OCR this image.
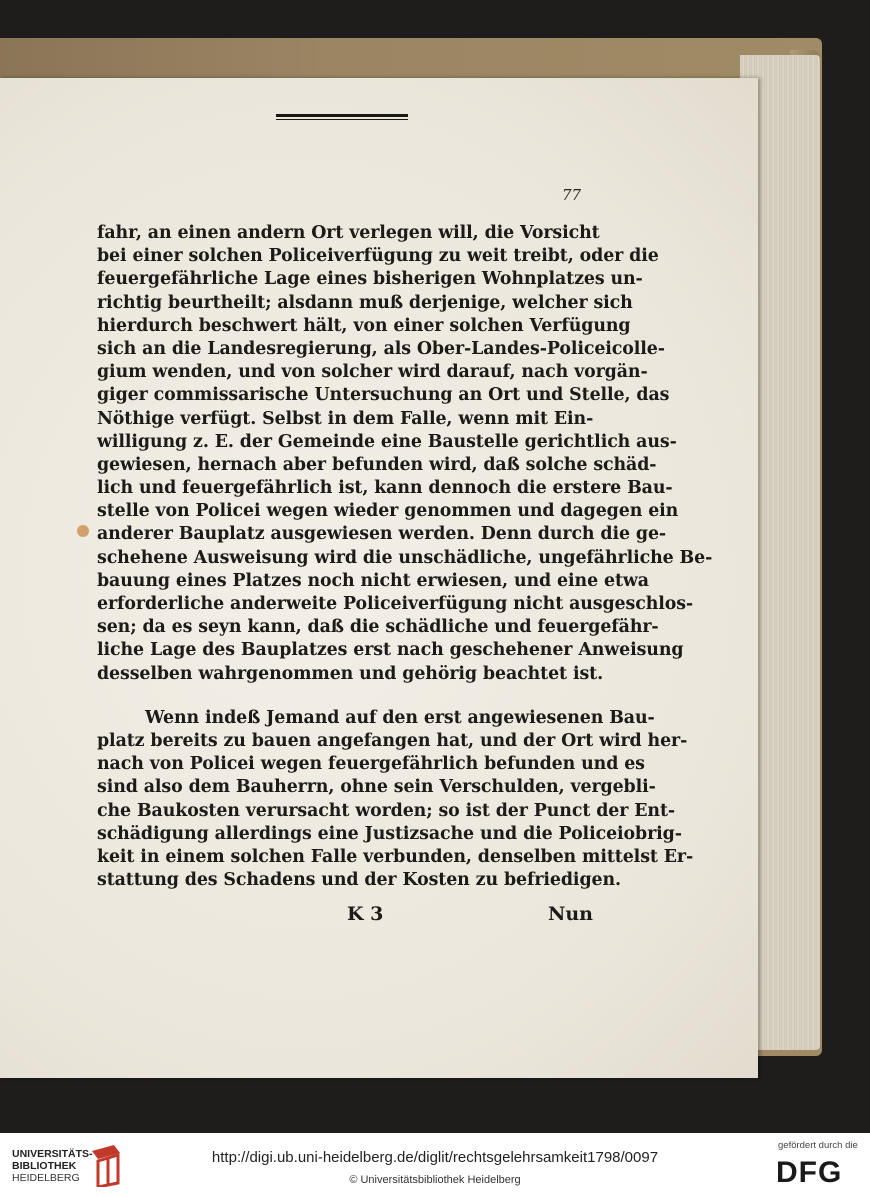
77
fahr, an einen andern Ort verlegen will, die Vorsicht
bei einer solchen Policeiverfügung zu weit treibt, oder die
feuergefährliche Lage eines bisherigen Wohnplatzes un-
richtig beurtheilt; alsdann muß derjenige, welcher sich
hierdurch beschwert hält, von einer solchen Verfügung
sich an die Landesregierung, als Ober-Landes-Policeicolle-
gium wenden, und von solcher wird darauf, nach vorgän-
giger commissarische Untersuchung an Ort und Stelle, das
Nöthige verfügt. Selbst in dem Falle, wenn mit Ein-
willigung z. E. der Gemeinde eine Baustelle gerichtlich aus-
gewiesen, hernach aber befunden wird, daß solche schäd-
lich und feuergefährlich ist, kann dennoch die erstere Bau-
stelle von Policei wegen wieder genommen und dagegen ein
anderer Bauplatz ausgewiesen werden. Denn durch die ge-
schehene Ausweisung wird die unschädliche, ungefährliche Be-
bauung eines Platzes noch nicht erwiesen, und eine etwa
erforderliche anderweite Policeiverfügung nicht ausgeschlos-
sen; da es seyn kann, daß die schädliche und feuergefähr-
liche Lage des Bauplatzes erst nach geschehener Anweisung
desselben wahrgenommen und gehörig beachtet ist.
Wenn indeß Jemand auf den erst angewiesenen Bau-
platz bereits zu bauen angefangen hat, und der Ort wird her-
nach von Policei wegen feuergefährlich befunden und es
sind also dem Bauherrn, ohne sein Verschulden, vergebli-
che Baukosten verursacht worden; so ist der Punct der Ent-
schädigung allerdings eine Justizsache und die Policeiobrig-
keit in einem solchen Falle verbunden, denselben mittelst Er-
stattung des Schadens und der Kosten zu befriedigen.
K 3	Nun
UNIVERSITÄTS-
BIBLIOTHEK
HEIDELBERG
http://digi.ub.uni-heidelberg.de/diglit/rechtsgelehrsamkeit1798/0097
© Universitätsbibliothek Heidelberg
gefördert durch die
DFG
